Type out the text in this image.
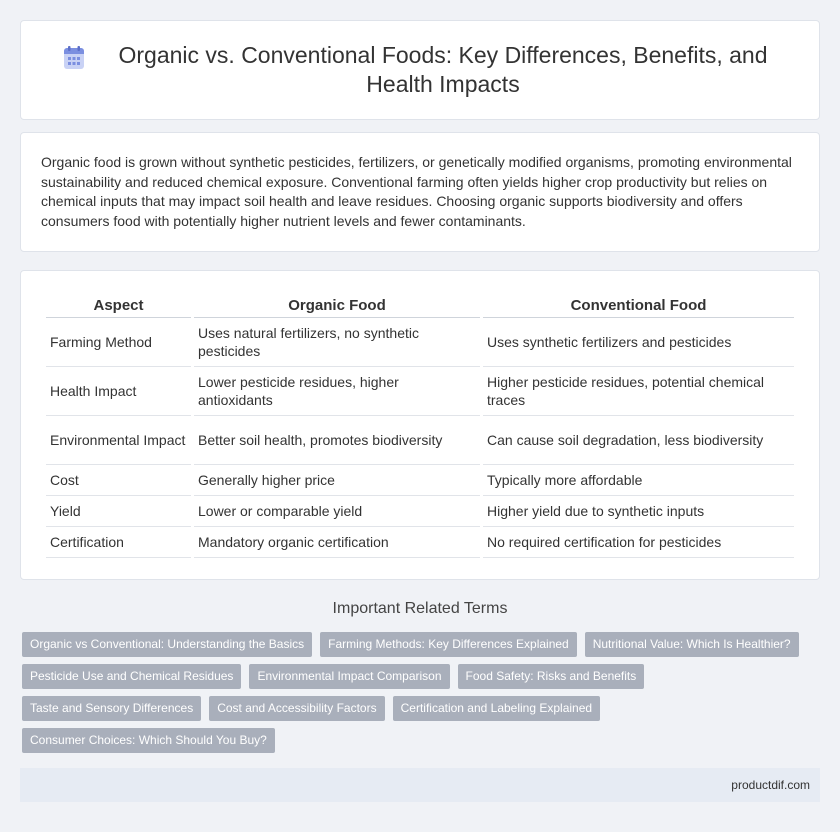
Organic vs. Conventional Foods: Key Differences, Benefits, and Health Impacts

Organic food is grown without synthetic pesticides, fertilizers, or genetically modified organisms, promoting environmental sustainability and reduced chemical exposure. Conventional farming often yields higher crop productivity but relies on chemical inputs that may impact soil health and leave residues. Choosing organic supports biodiversity and offers consumers food with potentially higher nutrient levels and fewer contaminants.

Aspect	Organic Food	Conventional Food
Farming Method	Uses natural fertilizers, no synthetic pesticides	Uses synthetic fertilizers and pesticides
Health Impact	Lower pesticide residues, higher antioxidants	Higher pesticide residues, potential chemical traces
Environmental Impact	Better soil health, promotes biodiversity	Can cause soil degradation, less biodiversity
Cost	Generally higher price	Typically more affordable
Yield	Lower or comparable yield	Higher yield due to synthetic inputs
Certification	Mandatory organic certification	No required certification for pesticides
Important Related Terms
Organic vs Conventional: Understanding the Basics	Farming Methods: Key Differences Explained	Nutritional Value: Which Is Healthier?
Pesticide Use and Chemical Residues	Environmental Impact Comparison	Food Safety: Risks and Benefits
Taste and Sensory Differences	Cost and Accessibility Factors	Certification and Labeling Explained
Consumer Choices: Which Should You Buy?
productdif.com
